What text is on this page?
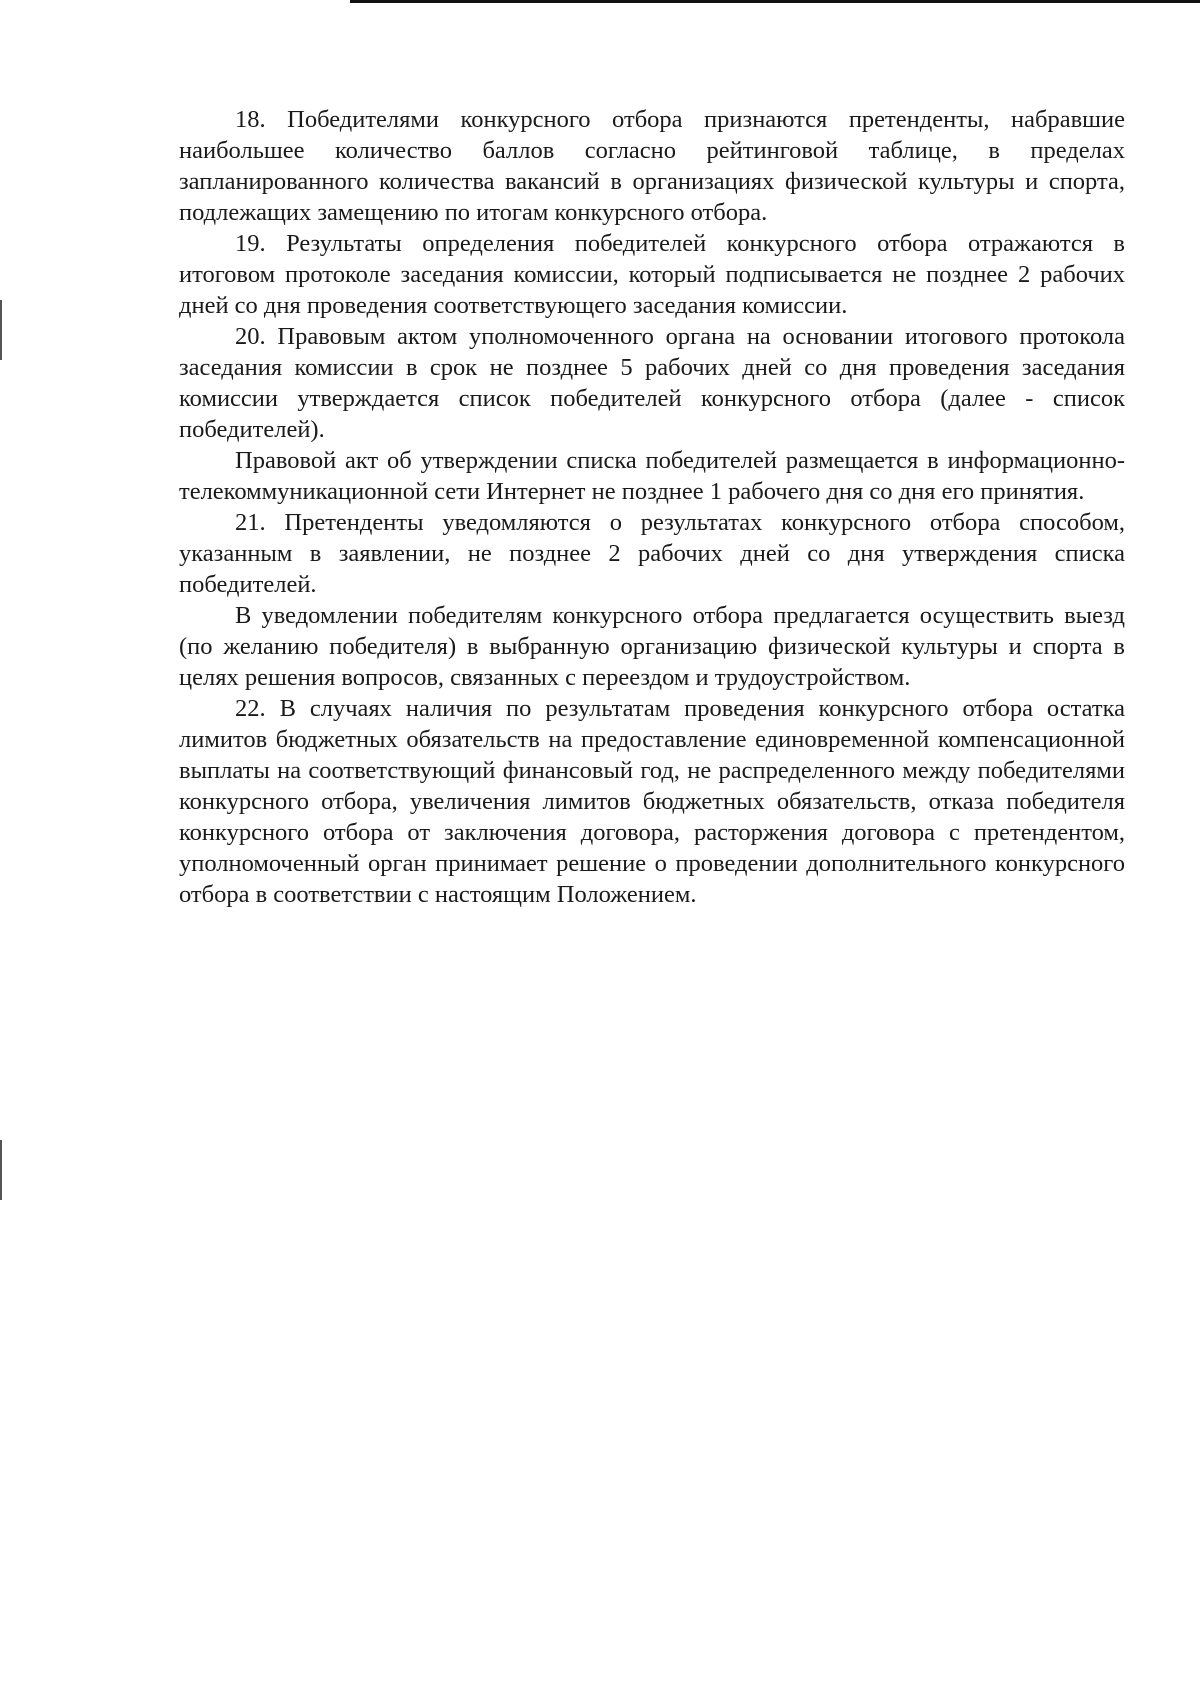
18. Победителями конкурсного отбора признаются претенденты, набравшие наибольшее количество баллов согласно рейтинговой таблице, в пределах запланированного количества вакансий в организациях физической культуры и спорта, подлежащих замещению по итогам конкурсного отбора.

19. Результаты определения победителей конкурсного отбора отражаются в итоговом протоколе заседания комиссии, который подписывается не позднее 2 рабочих дней со дня проведения соответствующего заседания комиссии.

20. Правовым актом уполномоченного органа на основании итогового протокола заседания комиссии в срок не позднее 5 рабочих дней со дня проведения заседания комиссии утверждается список победителей конкурсного отбора (далее - список победителей).

Правовой акт об утверждении списка победителей размещается в информационно-телекоммуникационной сети Интернет не позднее 1 рабочего дня со дня его принятия.

21. Претенденты уведомляются о результатах конкурсного отбора способом, указанным в заявлении, не позднее 2 рабочих дней со дня утверждения списка победителей.

В уведомлении победителям конкурсного отбора предлагается осуществить выезд (по желанию победителя) в выбранную организацию физической культуры и спорта в целях решения вопросов, связанных с переездом и трудоустройством.

22. В случаях наличия по результатам проведения конкурсного отбора остатка лимитов бюджетных обязательств на предоставление единовременной компенсационной выплаты на соответствующий финансовый год, не распределенного между победителями конкурсного отбора, увеличения лимитов бюджетных обязательств, отказа победителя конкурсного отбора от заключения договора, расторжения договора с претендентом, уполномоченный орган принимает решение о проведении дополнительного конкурсного отбора в соответствии с настоящим Положением.
